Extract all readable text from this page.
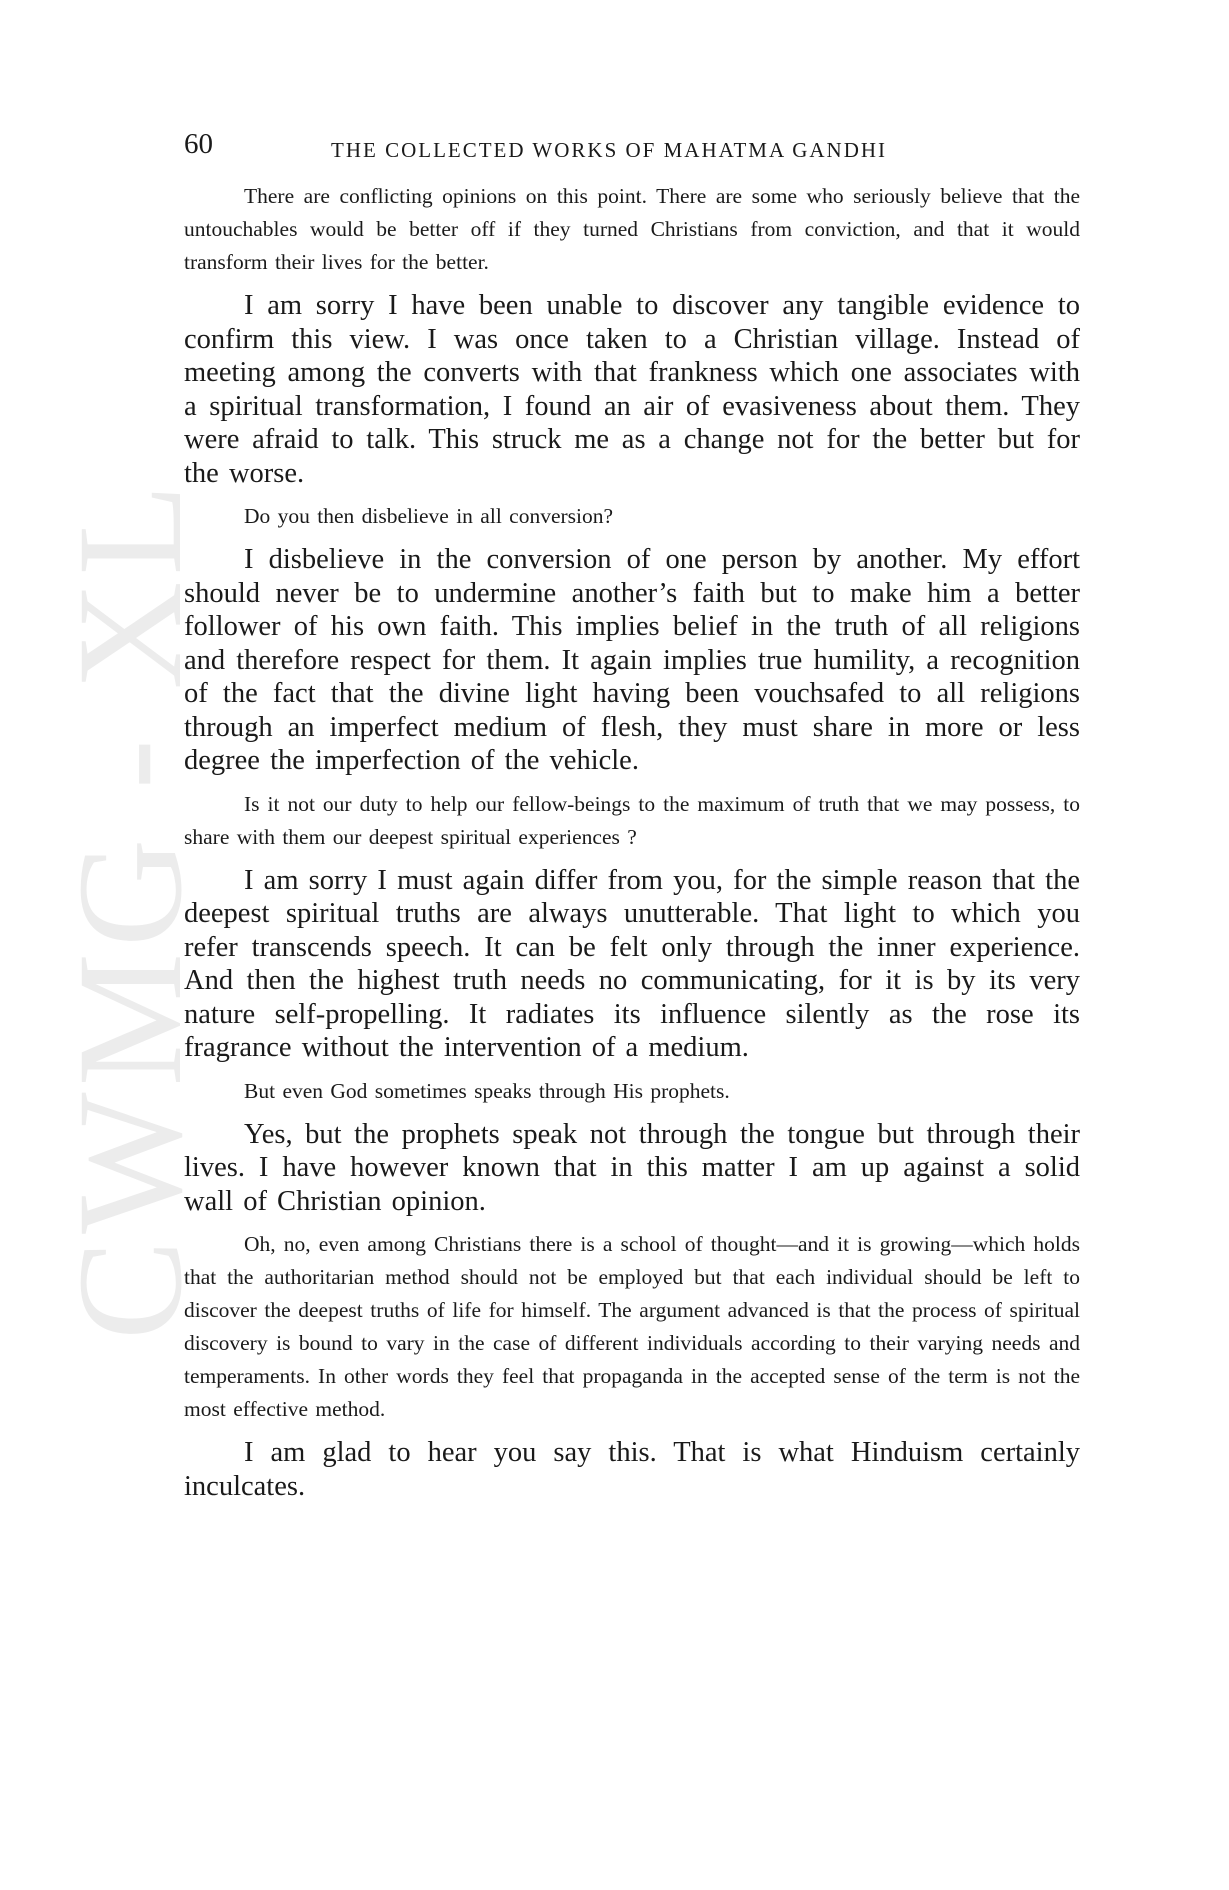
CWMG - XL
60	THE COLLECTED WORKS OF MAHATMA GANDHI

There are conflicting opinions on this point. There are some who seriously believe that the untouchables would be better off if they turned Christians from conviction, and that it would transform their lives for the better.

I am sorry I have been unable to discover any tangible evidence to confirm this view. I was once taken to a Christian village. Instead of meeting among the converts with that frankness which one associates with a spiritual transformation, I found an air of evasiveness about them. They were afraid to talk. This struck me as a change not for the better but for the worse.

Do you then disbelieve in all conversion?

I disbelieve in the conversion of one person by another. My effort should never be to undermine another’s faith but to make him a better follower of his own faith. This implies belief in the truth of all religions and therefore respect for them. It again implies true humility, a recognition of the fact that the divine light having been vouchsafed to all religions through an imperfect medium of flesh, they must share in more or less degree the imperfection of the vehicle.

Is it not our duty to help our fellow-beings to the maximum of truth that we may possess, to share with them our deepest spiritual experiences ?

I am sorry I must again differ from you, for the simple reason that the deepest spiritual truths are always unutterable. That light to which you refer transcends speech. It can be felt only through the inner experience. And then the highest truth needs no communicating, for it is by its very nature self-propelling. It radiates its influence silently as the rose its fragrance without the intervention of a medium.

But even God sometimes speaks through His prophets.

Yes, but the prophets speak not through the tongue but through their lives. I have however known that in this matter I am up against a solid wall of Christian opinion.

Oh, no, even among Christians there is a school of thought—and it is growing—which holds that the authoritarian method should not be employed but that each individual should be left to discover the deepest truths of life for himself. The argument advanced is that the process of spiritual discovery is bound to vary in the case of different individuals according to their varying needs and temperaments. In other words they feel that propaganda in the accepted sense of the term is not the most effective method.

I am glad to hear you say this. That is what Hinduism certainly inculcates.
